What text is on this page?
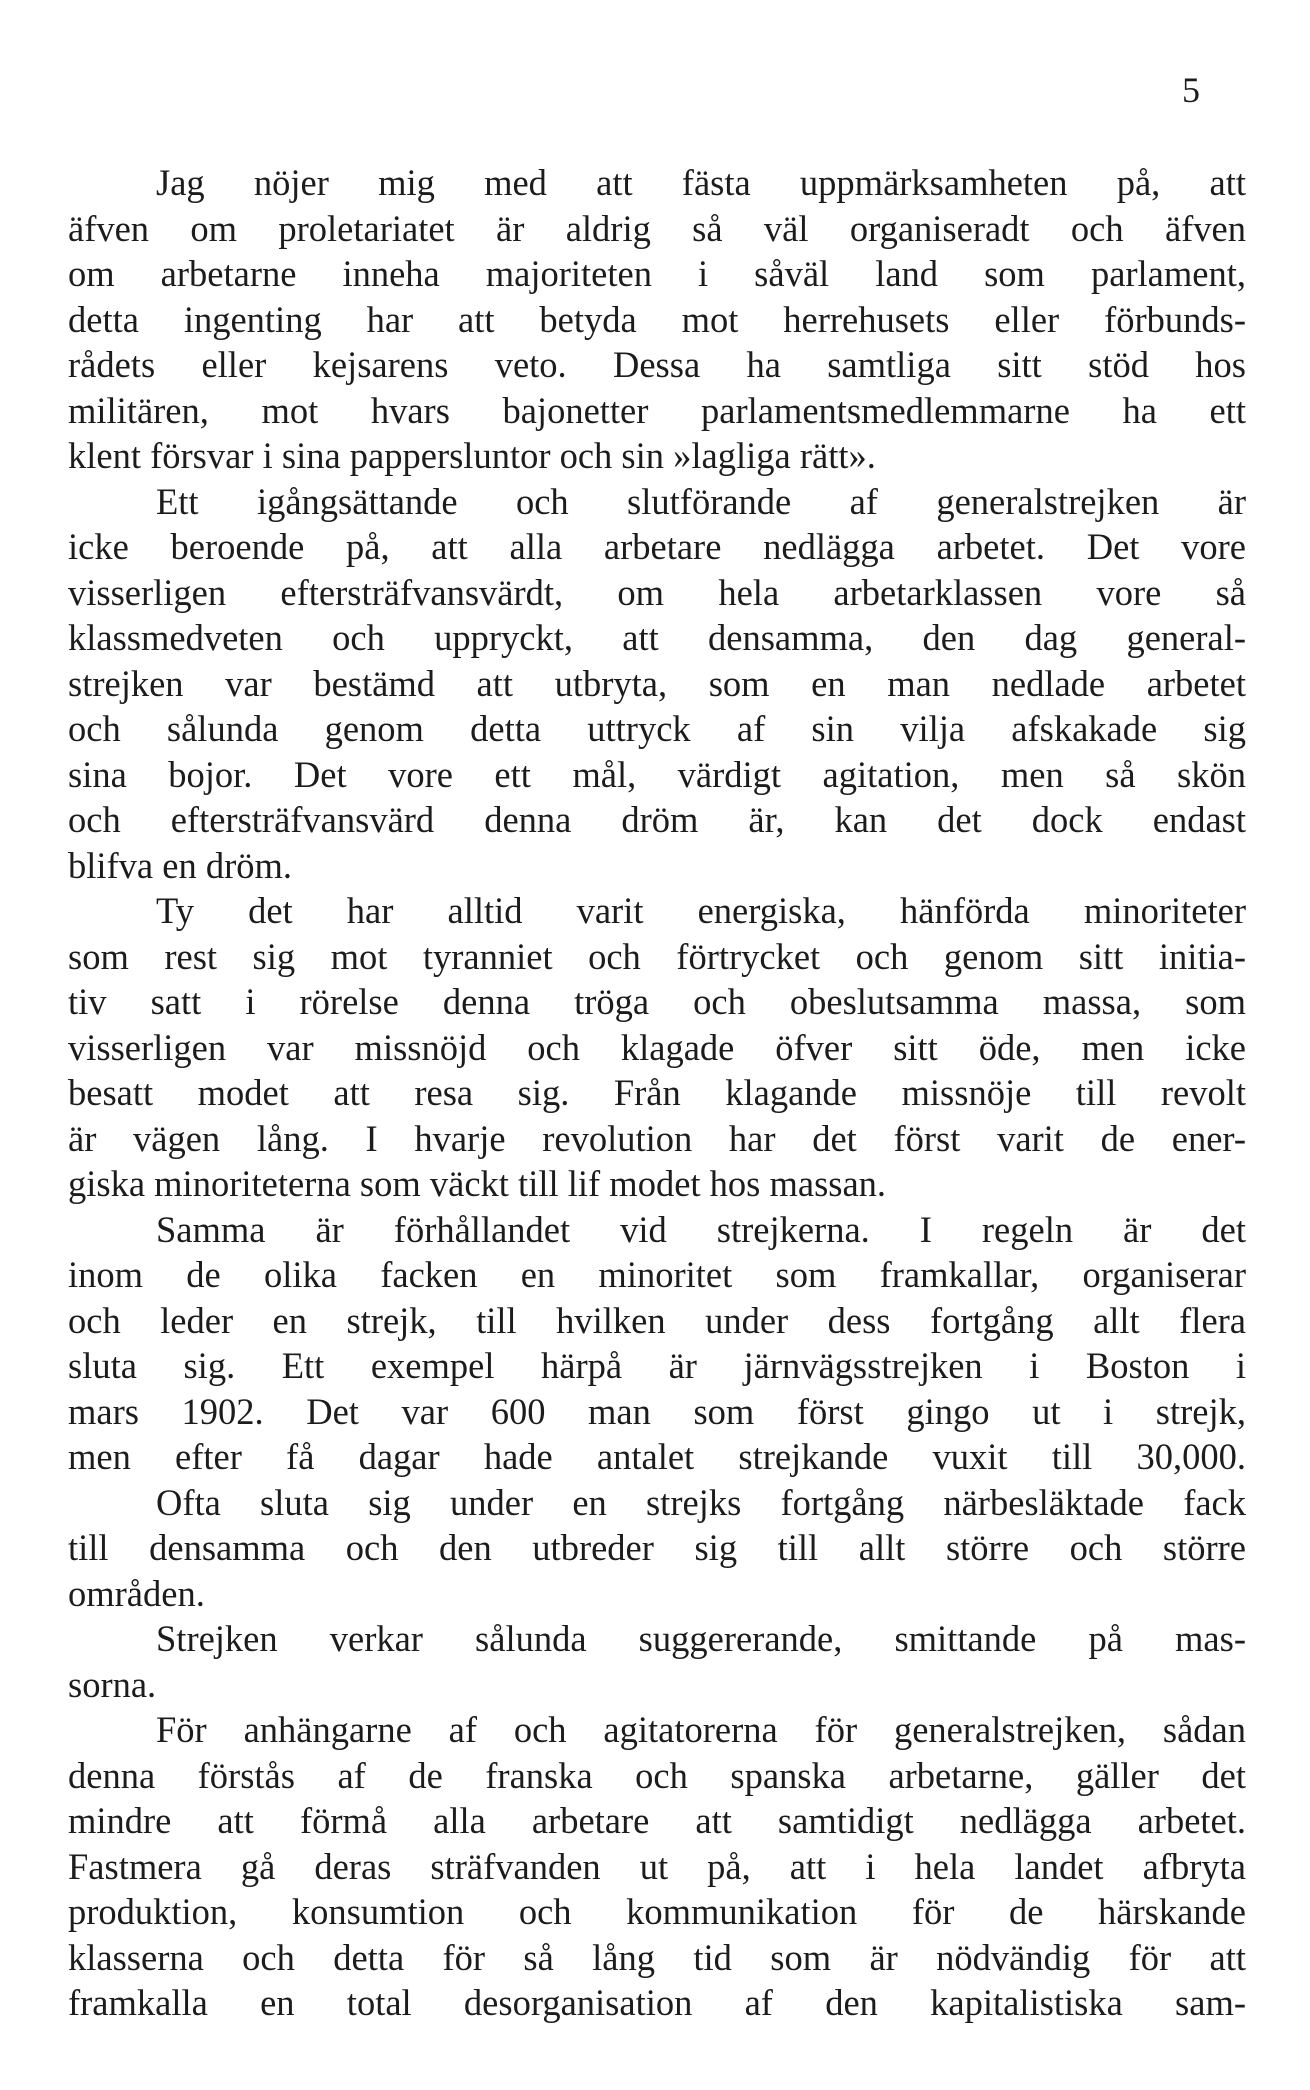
5
Jag nöjer mig med att fästa uppmärksamheten på, att
äfven om proletariatet är aldrig så väl organiseradt och äfven
om arbetarne inneha majoriteten i såväl land som parlament,
detta ingenting har att betyda mot herrehusets eller förbunds-
rådets eller kejsarens veto. Dessa ha samtliga sitt stöd hos
militären, mot hvars bajonetter parlamentsmedlemmarne ha ett
klent försvar i sina pappersluntor och sin »lagliga rätt».
Ett igångsättande och slutförande af generalstrejken är
icke beroende på, att alla arbetare nedlägga arbetet. Det vore
visserligen eftersträfvansvärdt, om hela arbetarklassen vore så
klassmedveten och uppryckt, att densamma, den dag general-
strejken var bestämd att utbryta, som en man nedlade arbetet
och sålunda genom detta uttryck af sin vilja afskakade sig
sina bojor. Det vore ett mål, värdigt agitation, men så skön
och eftersträfvansvärd denna dröm är, kan det dock endast
blifva en dröm.
Ty det har alltid varit energiska, hänförda minoriteter
som rest sig mot tyranniet och förtrycket och genom sitt initia-
tiv satt i rörelse denna tröga och obeslutsamma massa, som
visserligen var missnöjd och klagade öfver sitt öde, men icke
besatt modet att resa sig. Från klagande missnöje till revolt
är vägen lång. I hvarje revolution har det först varit de ener-
giska minoriteterna som väckt till lif modet hos massan.
Samma är förhållandet vid strejkerna. I regeln är det
inom de olika facken en minoritet som framkallar, organiserar
och leder en strejk, till hvilken under dess fortgång allt flera
sluta sig. Ett exempel härpå är järnvägsstrejken i Boston i
mars 1902. Det var 600 man som först gingo ut i strejk,
men efter få dagar hade antalet strejkande vuxit till 30,000.
Ofta sluta sig under en strejks fortgång närbesläktade fack
till densamma och den utbreder sig till allt större och större
områden.
Strejken verkar sålunda suggererande, smittande på mas-
sorna.
För anhängarne af och agitatorerna för generalstrejken, sådan
denna förstås af de franska och spanska arbetarne, gäller det
mindre att förmå alla arbetare att samtidigt nedlägga arbetet.
Fastmera gå deras sträfvanden ut på, att i hela landet afbryta
produktion, konsumtion och kommunikation för de härskande
klasserna och detta för så lång tid som är nödvändig för att
framkalla en total desorganisation af den kapitalistiska sam-
